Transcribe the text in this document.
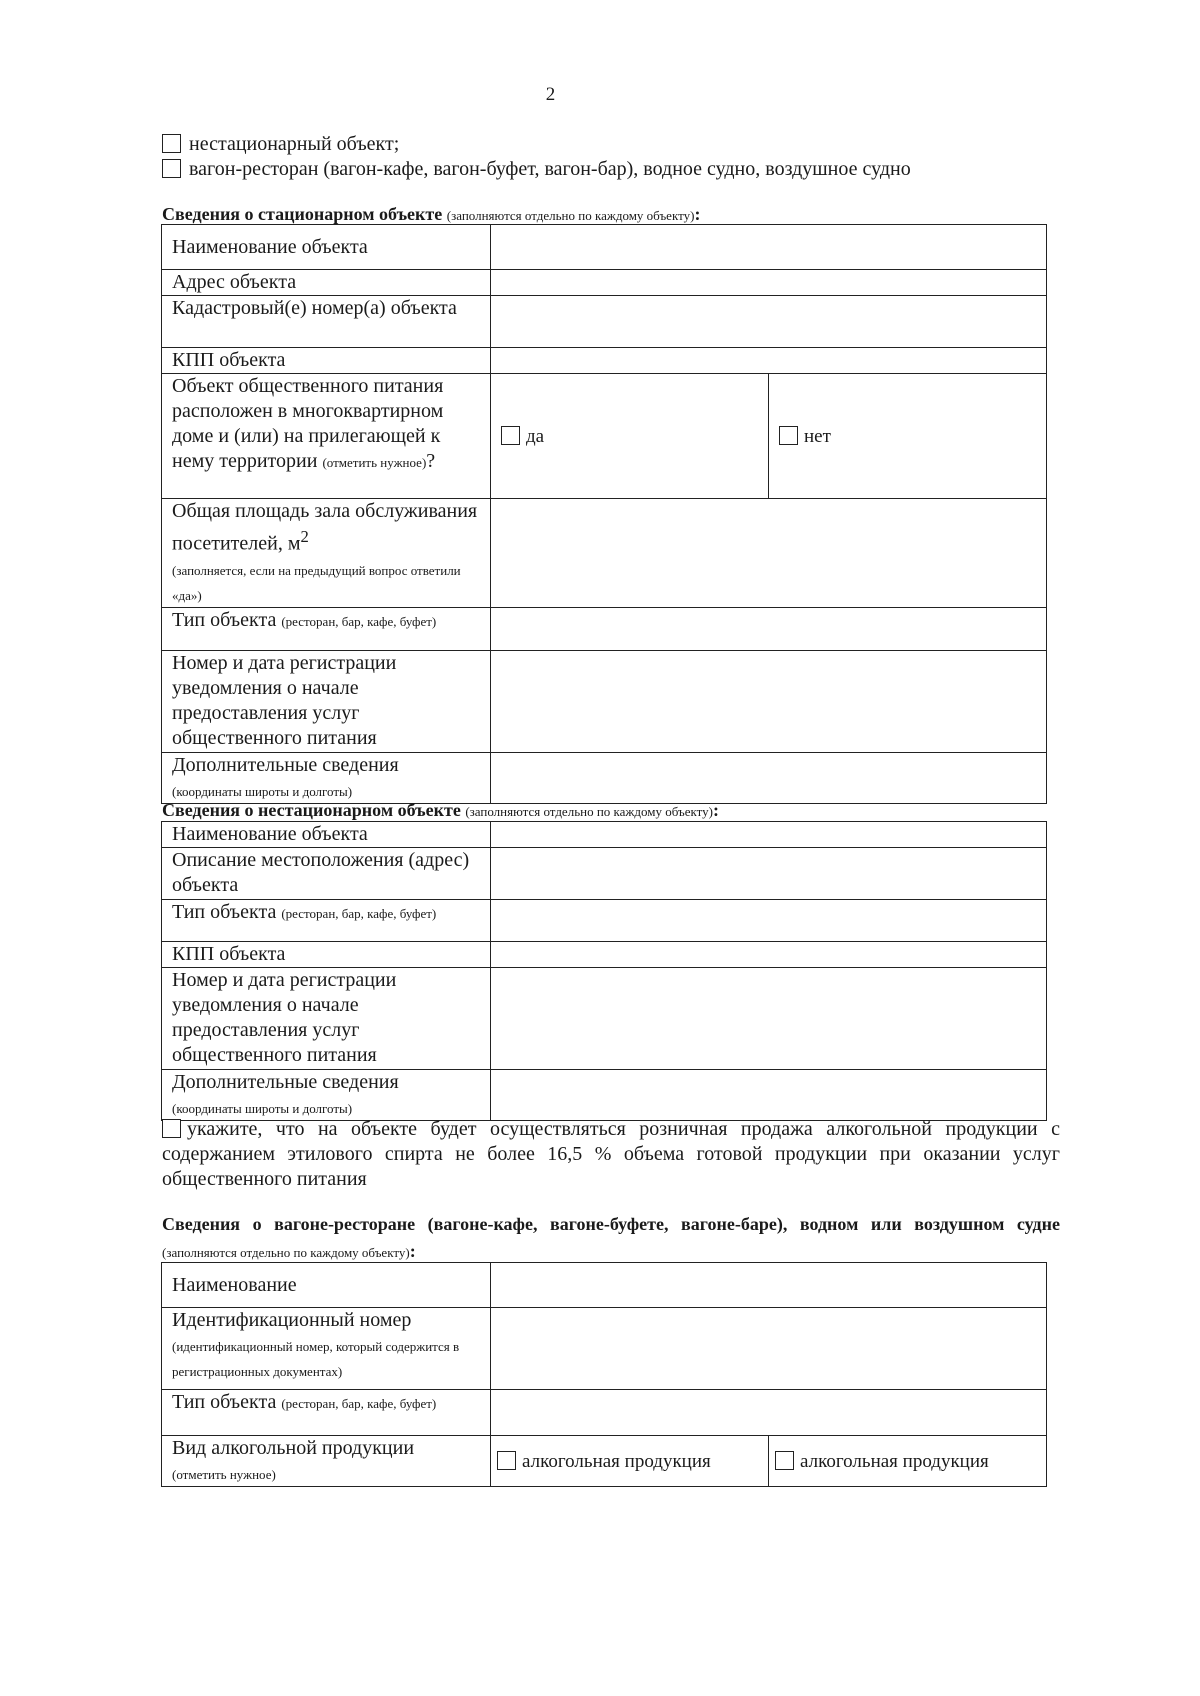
2
нестационарный объект;
вагон-ресторан (вагон-кафе, вагон-буфет, вагон-бар), водное судно, воздушное судно
Сведения о стационарном объекте (заполняются отдельно по каждому объекту):
Наименование объекта		
Адрес объекта		
Кадастровый(е) номер(а) объекта		
КПП объекта		
Объект общественного питания расположен в многоквартирном доме и (или) на прилегающей к нему территории (отметить нужное)?	да	нет
Общая площадь зала обслуживания посетителей, $м^2$
(заполняется, если на предыдущий вопрос ответили «да»)		
Тип объекта (ресторан, бар, кафе, буфет)		
Номер и дата регистрации уведомления о начале предоставления услуг общественного питания		
Дополнительные сведения
(координаты широты и долготы)		
Сведения о нестационарном объекте (заполняются отдельно по каждому объекту):
Наименование объекта	
Описание местоположения (адрес) объекта	
Тип объекта (ресторан, бар, кафе, буфет)	
КПП объекта	
Номер и дата регистрации уведомления о начале предоставления услуг общественного питания	
Дополнительные сведения
(координаты широты и долготы)	
укажите, что на объекте будет осуществляться розничная продажа алкогольной продукции с содержанием этилового спирта не более 16,5 % объема готовой продукции при оказании услуг общественного питания
Сведения о вагоне-ресторане (вагоне-кафе, вагоне-буфете, вагоне-баре), водном или воздушном судне (заполняются отдельно по каждому объекту):
Наименование		
Идентификационный номер
(идентификационный номер, который содержится в регистрационных документах)		
Тип объекта (ресторан, бар, кафе, буфет)		
Вид алкогольной продукции
(отметить нужное)	алкогольная продукция	алкогольная продукция
